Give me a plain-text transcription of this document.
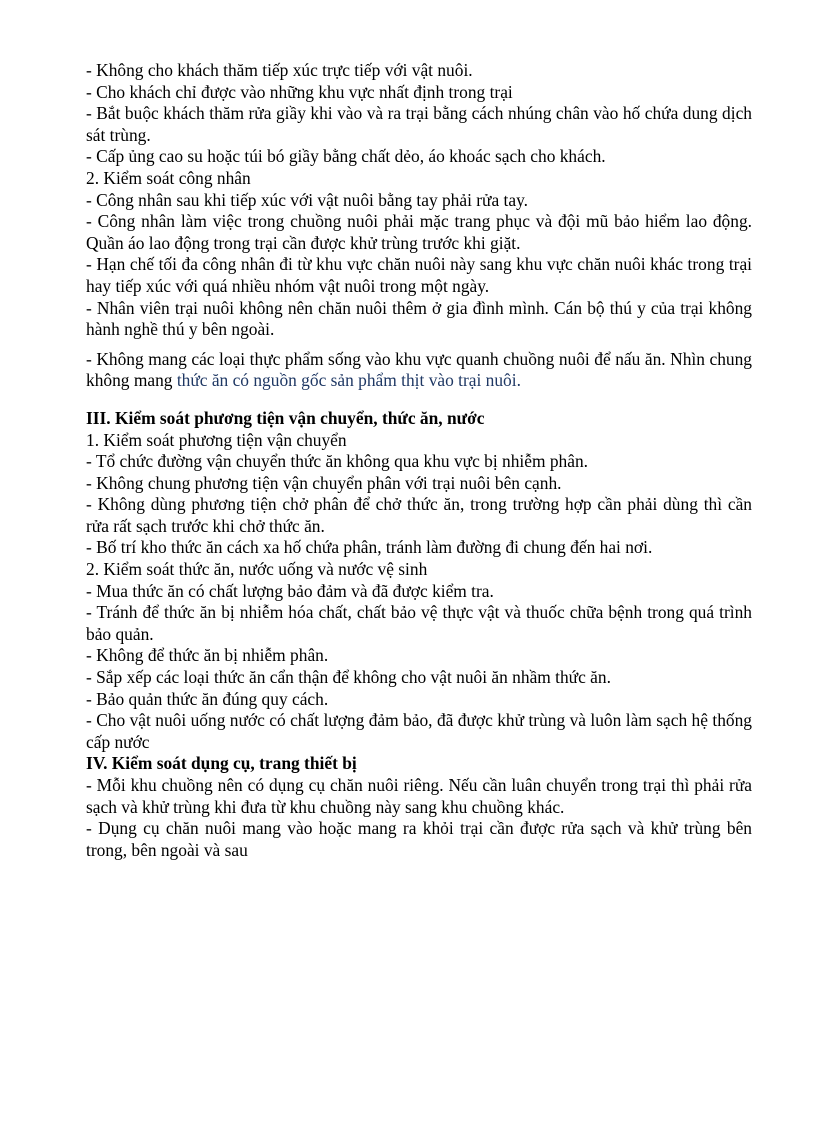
- Không cho khách thăm tiếp xúc trực tiếp với vật nuôi.

- Cho khách chỉ được vào những khu vực nhất định trong trại

- Bắt buộc khách thăm rửa giầy khi vào và ra trại bằng cách nhúng chân vào hố chứa dung dịch sát trùng.

- Cấp ủng cao su hoặc túi bó giầy bằng chất dẻo, áo khoác sạch cho khách.

2. Kiểm soát công nhân

- Công nhân sau khi tiếp xúc với vật nuôi bằng tay phải rửa tay.

- Công nhân làm việc trong chuồng nuôi phải mặc trang phục và đội mũ bảo hiểm lao động. Quần áo lao động trong trại cần được khử trùng trước khi giặt.

- Hạn chế tối đa công nhân đi từ khu vực chăn nuôi này sang khu vực chăn nuôi khác trong trại hay tiếp xúc với quá nhiều nhóm vật nuôi trong một ngày.

- Nhân viên trại nuôi không nên chăn nuôi thêm ở gia đình mình. Cán bộ thú y của trại không hành nghề thú y bên ngoài.

- Không mang các loại thực phẩm sống vào khu vực quanh chuồng nuôi để nấu ăn. Nhìn chung không mang thức ăn có nguồn gốc sản phẩm thịt vào trại nuôi.

III. Kiểm soát phương tiện vận chuyển, thức ăn, nước

1. Kiểm soát phương tiện vận chuyển

- Tổ chức đường vận chuyển thức ăn không qua khu vực bị nhiễm phân.

- Không chung phương tiện vận chuyển phân với trại nuôi bên cạnh.

- Không dùng phương tiện chở phân để chở thức ăn, trong trường hợp cần phải dùng thì cần rửa rất sạch trước khi chở thức ăn.

- Bố trí kho thức ăn cách xa hố chứa phân, tránh làm đường đi chung đến hai nơi.

2. Kiểm soát thức ăn, nước uống và nước vệ sinh

- Mua thức ăn có chất lượng bảo đảm và đã được kiểm tra.

- Tránh để thức ăn bị nhiễm hóa chất, chất bảo vệ thực vật và thuốc chữa bệnh trong quá trình bảo quản.

- Không để thức ăn bị nhiễm phân.

- Sắp xếp các loại thức ăn cẩn thận để không cho vật nuôi ăn nhầm thức ăn.

- Bảo quản thức ăn đúng quy cách.

- Cho vật nuôi uống nước có chất lượng đảm bảo, đã được khử trùng và luôn làm sạch hệ thống cấp nước

IV. Kiểm soát dụng cụ, trang thiết bị

- Mỗi khu chuồng nên có dụng cụ chăn nuôi riêng. Nếu cần luân chuyển trong trại thì phải rửa sạch và khử trùng khi đưa từ khu chuồng này sang khu chuồng khác.

- Dụng cụ chăn nuôi mang vào hoặc mang ra khỏi trại cần được rửa sạch và khử trùng bên trong, bên ngoài và sau
